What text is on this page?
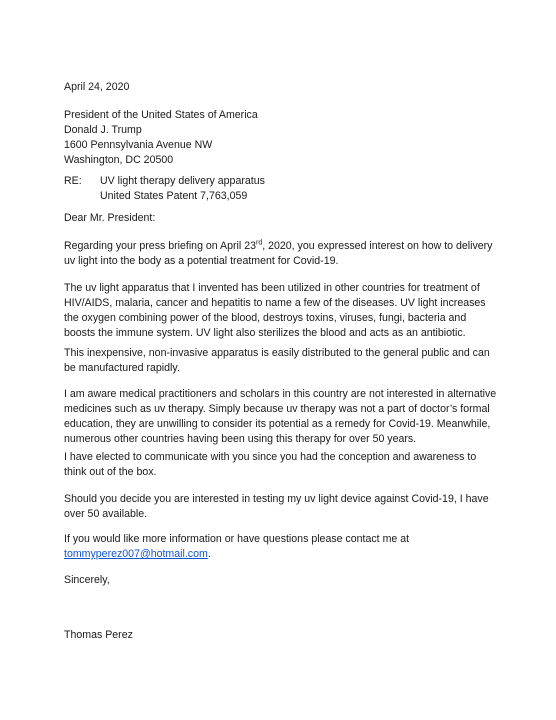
April 24, 2020

President of the United States of America
Donald J. Trump
1600 Pennsylvania Avenue NW
Washington, DC 20500
RE: UV light therapy delivery apparatus
United States Patent 7,763,059

Dear Mr. President:

Regarding your press briefing on April 23rd, 2020, you expressed interest on how to delivery uv light into the body as a potential treatment for Covid-19.

The uv light apparatus that I invented has been utilized in other countries for treatment of HIV/AIDS, malaria, cancer and hepatitis to name a few of the diseases. UV light increases the oxygen combining power of the blood, destroys toxins, viruses, fungi, bacteria and boosts the immune system. UV light also sterilizes the blood and acts as an antibiotic.

This inexpensive, non-invasive apparatus is easily distributed to the general public and can be manufactured rapidly.

I am aware medical practitioners and scholars in this country are not interested in alternative medicines such as uv therapy. Simply because uv therapy was not a part of doctor’s formal education, they are unwilling to consider its potential as a remedy for Covid-19. Meanwhile, numerous other countries having been using this therapy for over 50 years.

I have elected to communicate with you since you had the conception and awareness to think out of the box.

Should you decide you are interested in testing my uv light device against Covid-19, I have over 50 available.

If you would like more information or have questions please contact me at
tommyperez007@hotmail.com.

Sincerely,

Thomas Perez
